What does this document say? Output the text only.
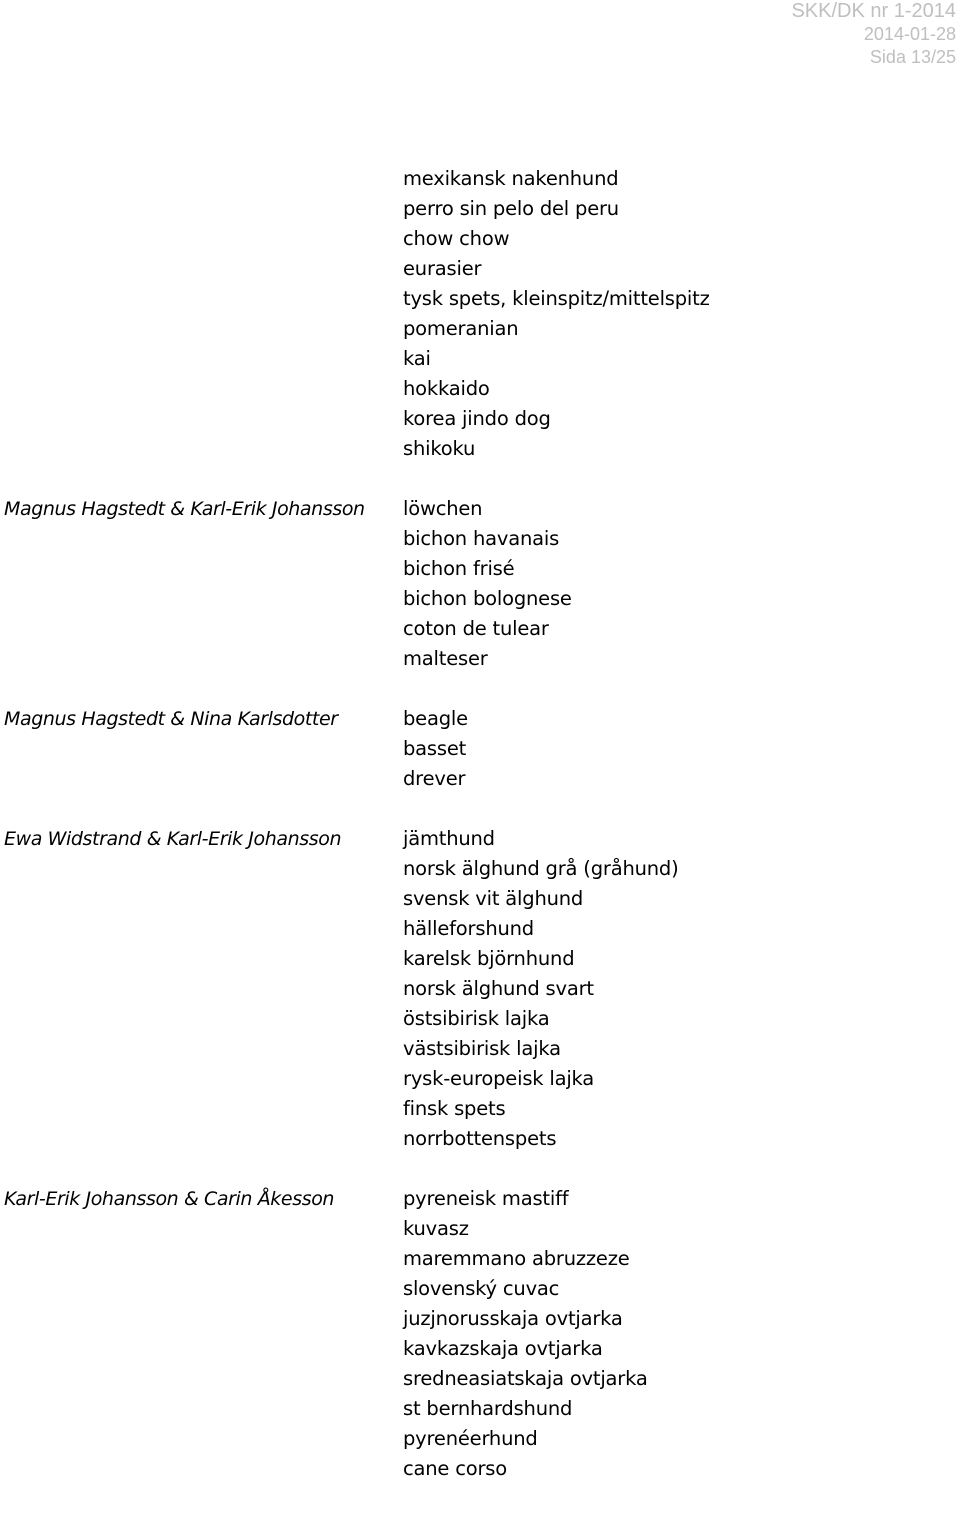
SKK/DK nr 1-2014
2014-01-28
Sida 13/25
mexikansk nakenhund
perro sin pelo del peru
chow chow
eurasier
tysk spets, kleinspitz/mittelspitz
pomeranian
kai
hokkaido
korea jindo dog
shikoku
Magnus Hagstedt & Karl-Erik Johansson	löwchen
bichon havanais
bichon frisé
bichon bolognese
coton de tulear
malteser
Magnus Hagstedt & Nina Karlsdotter	beagle
basset
drever
Ewa Widstrand & Karl-Erik Johansson	jämthund
norsk älghund grå (gråhund)
svensk vit älghund
hälleforshund
karelsk björnhund
norsk älghund svart
östsibirisk lajka
västsibirisk lajka
rysk-europeisk lajka
finsk spets
norrbottenspets
Karl-Erik Johansson & Carin Åkesson	pyreneisk mastiff
kuvasz
maremmano abruzzeze
slovenský cuvac
juzjnorusskaja ovtjarka
kavkazskaja ovtjarka
sredneasiatskaja ovtjarka
st bernhardshund
pyrenéerhund
cane corso
